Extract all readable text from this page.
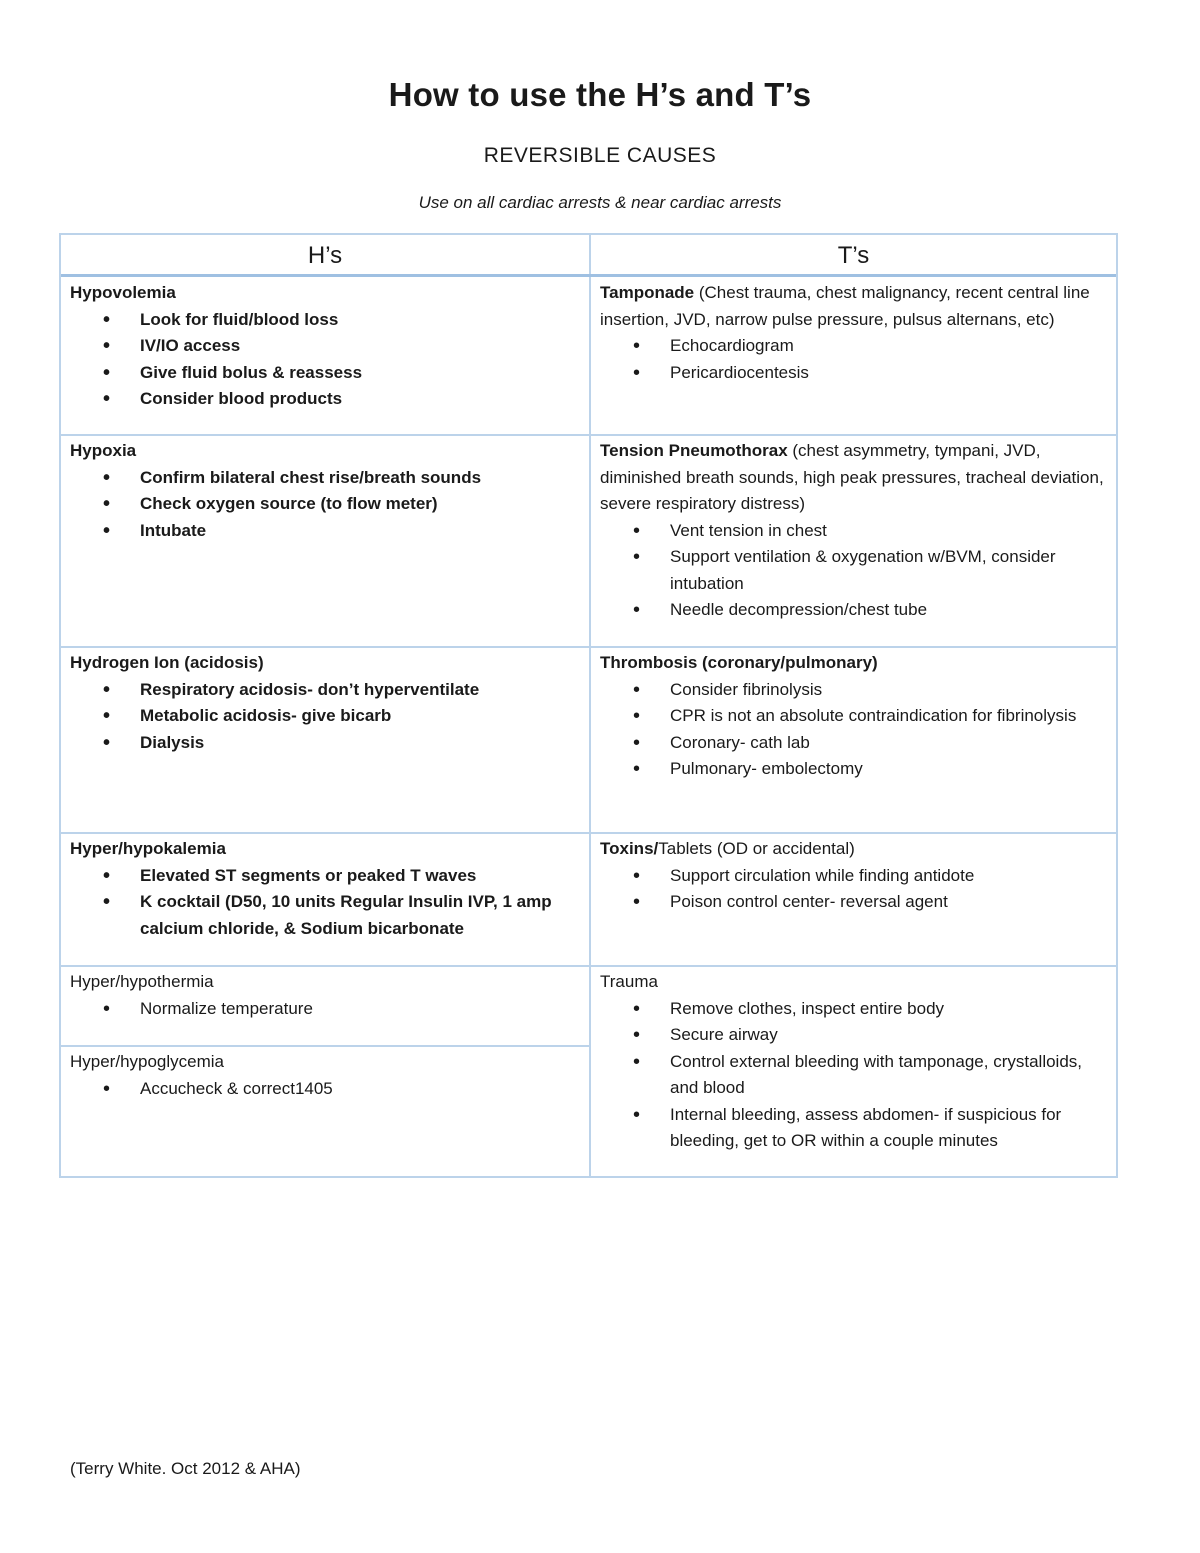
How to use the H’s and T’s
REVERSIBLE CAUSES
Use on all cardiac arrests & near cardiac arrests
H’s	T’s
Hypovolemia
• Look for fluid/blood loss
• IV/IO access
• Give fluid bolus & reassess
• Consider blood products
Hypoxia
• Confirm bilateral chest rise/breath sounds
• Check oxygen source (to flow meter)
• Intubate
Hydrogen Ion (acidosis)
• Respiratory acidosis- don’t hyperventilate
• Metabolic acidosis- give bicarb
• Dialysis
Hyper/hypokalemia
• Elevated ST segments or peaked T waves
• K cocktail (D50, 10 units Regular Insulin IVP, 1 amp calcium chloride, & Sodium bicarbonate
Hyper/hypothermia
• Normalize temperature
Hyper/hypoglycemia
• Accucheck & correct1405
Tamponade (Chest trauma, chest malignancy, recent central line insertion, JVD, narrow pulse pressure, pulsus alternans, etc)
• Echocardiogram
• Pericardiocentesis
Tension Pneumothorax (chest asymmetry, tympani, JVD, diminished breath sounds, high peak pressures, tracheal deviation, severe respiratory distress)
• Vent tension in chest
• Support ventilation & oxygenation w/BVM, consider intubation
• Needle decompression/chest tube
Thrombosis (coronary/pulmonary)
• Consider fibrinolysis
• CPR is not an absolute contraindication for fibrinolysis
• Coronary- cath lab
• Pulmonary- embolectomy
Toxins/Tablets (OD or accidental)
• Support circulation while finding antidote
• Poison control center- reversal agent
Trauma
• Remove clothes, inspect entire body
• Secure airway
• Control external bleeding with tamponage, crystalloids, and blood
• Internal bleeding, assess abdomen- if suspicious for bleeding, get to OR within a couple minutes
(Terry White. Oct 2012 & AHA)
